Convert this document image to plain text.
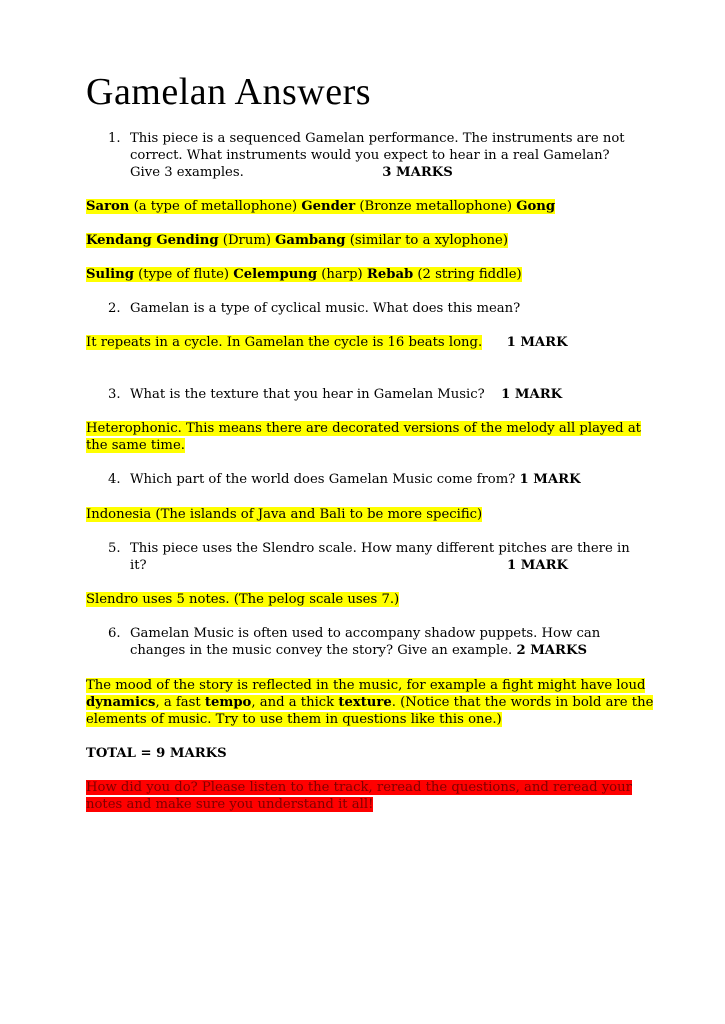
Gamelan Answers
1. This piece is a sequenced Gamelan performance. The instruments are not correct. What instruments would you expect to hear in a real Gamelan? Give 3 examples.	3 MARKS
Saron (a type of metallophone) Gender (Bronze metallophone) Gong
Kendang Gending (Drum) Gambang (similar to a xylophone)
Suling (type of flute) Celempung (harp) Rebab (2 string fiddle)
2. Gamelan is a type of cyclical music. What does this mean?
It repeats in a cycle. In Gamelan the cycle is 16 beats long. 1 MARK
3. What is the texture that you hear in Gamelan Music? 1 MARK
Heterophonic. This means there are decorated versions of the melody all played at the same time.
4. Which part of the world does Gamelan Music come from? 1 MARK
Indonesia (The islands of Java and Bali to be more specific)
5. This piece uses the Slendro scale. How many different pitches are there in it?	1 MARK
Slendro uses 5 notes. (The pelog scale uses 7.)
6. Gamelan Music is often used to accompany shadow puppets. How can changes in the music convey the story? Give an example. 2 MARKS
The mood of the story is reflected in the music, for example a fight might have loud dynamics, a fast tempo, and a thick texture. (Notice that the words in bold are the elements of music. Try to use them in questions like this one.)
TOTAL = 9 MARKS
How did you do? Please listen to the track, reread the questions, and reread your notes and make sure you understand it all!
